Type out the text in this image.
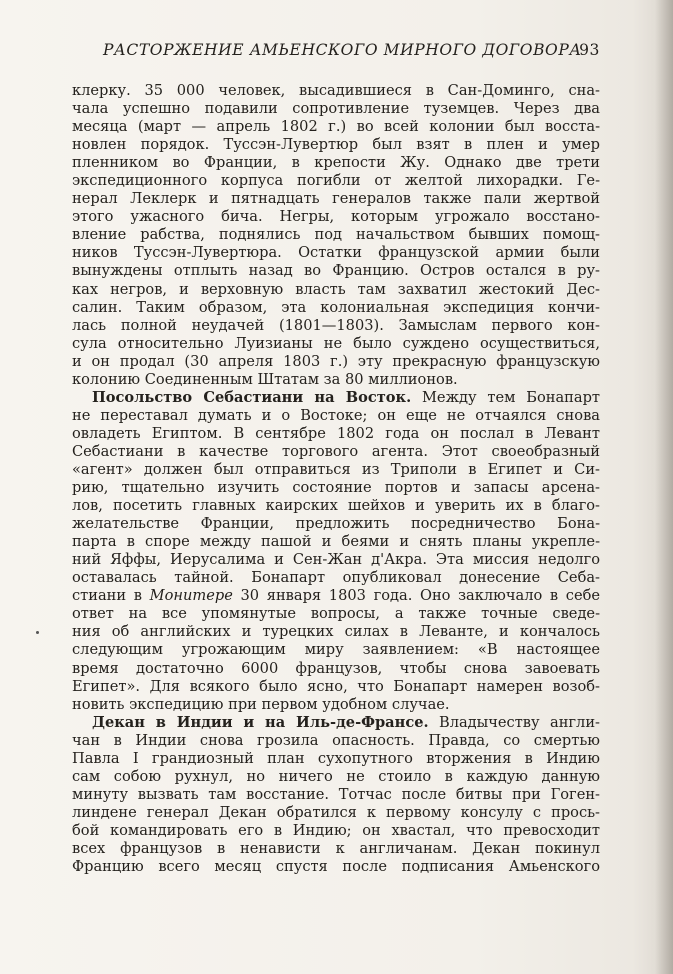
РАСТОРЖЕНИЕ АМЬЕНСКОГО МИРНОГО ДОГОВОРА
93
клерку. 35 000 человек, высадившиеся в Сан-Доминго, сна-
чала успешно подавили сопротивление туземцев. Через два
месяца (март — апрель 1802 г.) во всей колонии был восста-
новлен порядок. Туссэн-Лувертюр был взят в плен и умер
пленником во Франции, в крепости Жу. Однако две трети
экспедиционного корпуса погибли от желтой лихорадки. Ге-
нерал Леклерк и пятнадцать генералов также пали жертвой
этого ужасного бича. Негры, которым угрожало восстано-
вление рабства, поднялись под начальством бывших помощ-
ников Туссэн-Лувертюра. Остатки французской армии были
вынуждены отплыть назад во Францию. Остров остался в ру-
ках негров, и верховную власть там захватил жестокий Дес-
салин. Таким образом, эта колониальная экспедиция кончи-
лась полной неудачей (1801—1803). Замыслам первого кон-
сула относительно Луизианы не было суждено осуществиться,
и он продал (30 апреля 1803 г.) эту прекрасную французскую
колонию Соединенным Штатам за 80 миллионов.
Посольство Себастиани на Восток. Между тем Бонапарт
не переставал думать и о Востоке; он еще не отчаялся снова
овладеть Египтом. В сентябре 1802 года он послал в Левант
Себастиани в качестве торгового агента. Этот своеобразный
«агент» должен был отправиться из Триполи в Египет и Си-
рию, тщательно изучить состояние портов и запасы арсена-
лов, посетить главных каирских шейхов и уверить их в благо-
желательстве Франции, предложить посредничество Бона-
парта в споре между пашой и беями и снять планы укрепле-
ний Яффы, Иерусалима и Сен-Жан д'Акра. Эта миссия недолго
оставалась тайной. Бонапарт опубликовал донесение Себа-
стиани в Монитере 30 января 1803 года. Оно заключало в себе
ответ на все упомянутые вопросы, а также точные сведе-
ния об английских и турецких силах в Леванте, и кончалось
следующим угрожающим миру заявлением: «В настоящее
время достаточно 6000 французов, чтобы снова завоевать
Египет». Для всякого было ясно, что Бонапарт намерен возоб-
новить экспедицию при первом удобном случае.
Декан в Индии и на Иль-де-Франсе. Владычеству англи-
чан в Индии снова грозила опасность. Правда, со смертью
Павла I грандиозный план сухопутного вторжения в Индию
сам собою рухнул, но ничего не стоило в каждую данную
минуту вызвать там восстание. Тотчас после битвы при Гоген-
линдене генерал Декан обратился к первому консулу с прось-
бой командировать его в Индию; он хвастал, что превосходит
всех французов в ненависти к англичанам. Декан покинул
Францию всего месяц спустя после подписания Амьенского
